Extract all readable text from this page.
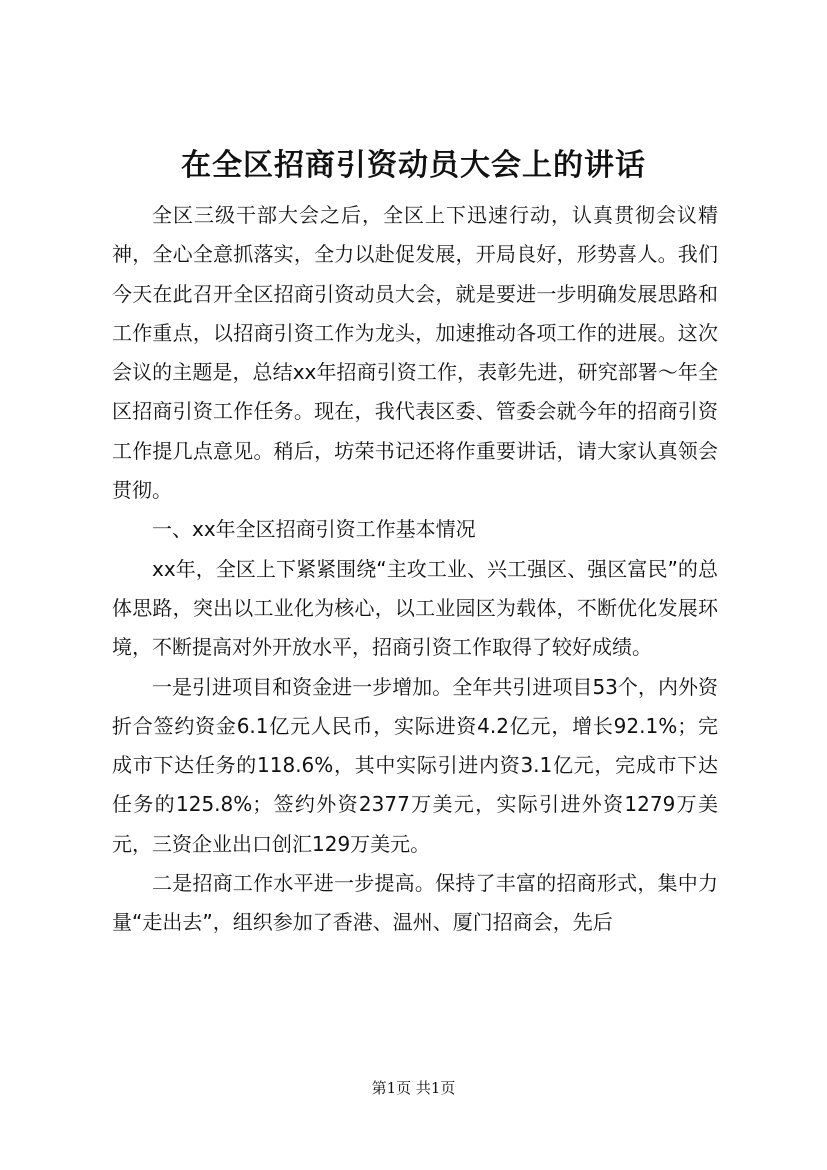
在全区招商引资动员大会上的讲话

全区三级干部大会之后，全区上下迅速行动，认真贯彻会议精神，全心全意抓落实，全力以赴促发展，开局良好，形势喜人。我们今天在此召开全区招商引资动员大会，就是要进一步明确发展思路和工作重点，以招商引资工作为龙头，加速推动各项工作的进展。这次会议的主题是，总结xx年招商引资工作，表彰先进，研究部署～年全区招商引资工作任务。现在，我代表区委、管委会就今年的招商引资工作提几点意见。稍后，坊荣书记还将作重要讲话，请大家认真领会贯彻。

一、xx年全区招商引资工作基本情况

xx年，全区上下紧紧围绕“主攻工业、兴工强区、强区富民”的总体思路，突出以工业化为核心，以工业园区为载体，不断优化发展环境，不断提高对外开放水平，招商引资工作取得了较好成绩。

一是引进项目和资金进一步增加。全年共引进项目53个，内外资折合签约资金6.1亿元人民币，实际进资4.2亿元，增长92.1%；完成市下达任务的118.6%，其中实际引进内资3.1亿元，完成市下达任务的125.8%；签约外资2377万美元，实际引进外资1279万美元，三资企业出口创汇129万美元。

二是招商工作水平进一步提高。保持了丰富的招商形式，集中力量“走出去”，组织参加了香港、温州、厦门招商会，先后

第1页 共1页
